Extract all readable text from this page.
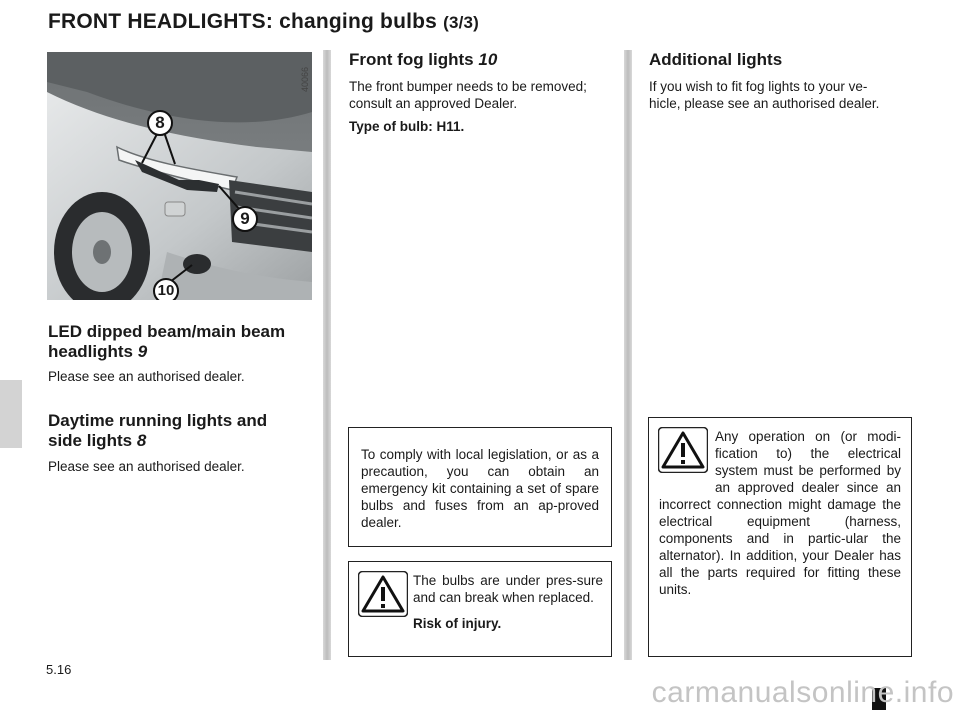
FRONT HEADLIGHTS: changing bulbs (3/3)
8
9
10
40066
LED dipped beam/main beam
headlights 9
Please see an authorised dealer.
Daytime running lights and
side lights 8
Please see an authorised dealer.
Front fog lights 10
The front bumper needs to be removed;
consult an approved Dealer.
Type of bulb: H11.

To comply with local legislation, or as a precaution, you can obtain an emergency kit containing a set of spare bulbs and fuses from an ap-proved dealer.

The bulbs are under pres-sure and can break when replaced.

Risk of injury.

Additional lights
If you wish to fit fog lights to your ve-
hicle, please see an authorised dealer.

Any operation on (or modi-fication to) the electrical system must be performed by an approved dealer since an incorrect connection might damage the electrical equipment (harness, components and in partic-ular the alternator). In addition, your Dealer has all the parts required for fitting these units.

5.16
carmanualsonline.info
